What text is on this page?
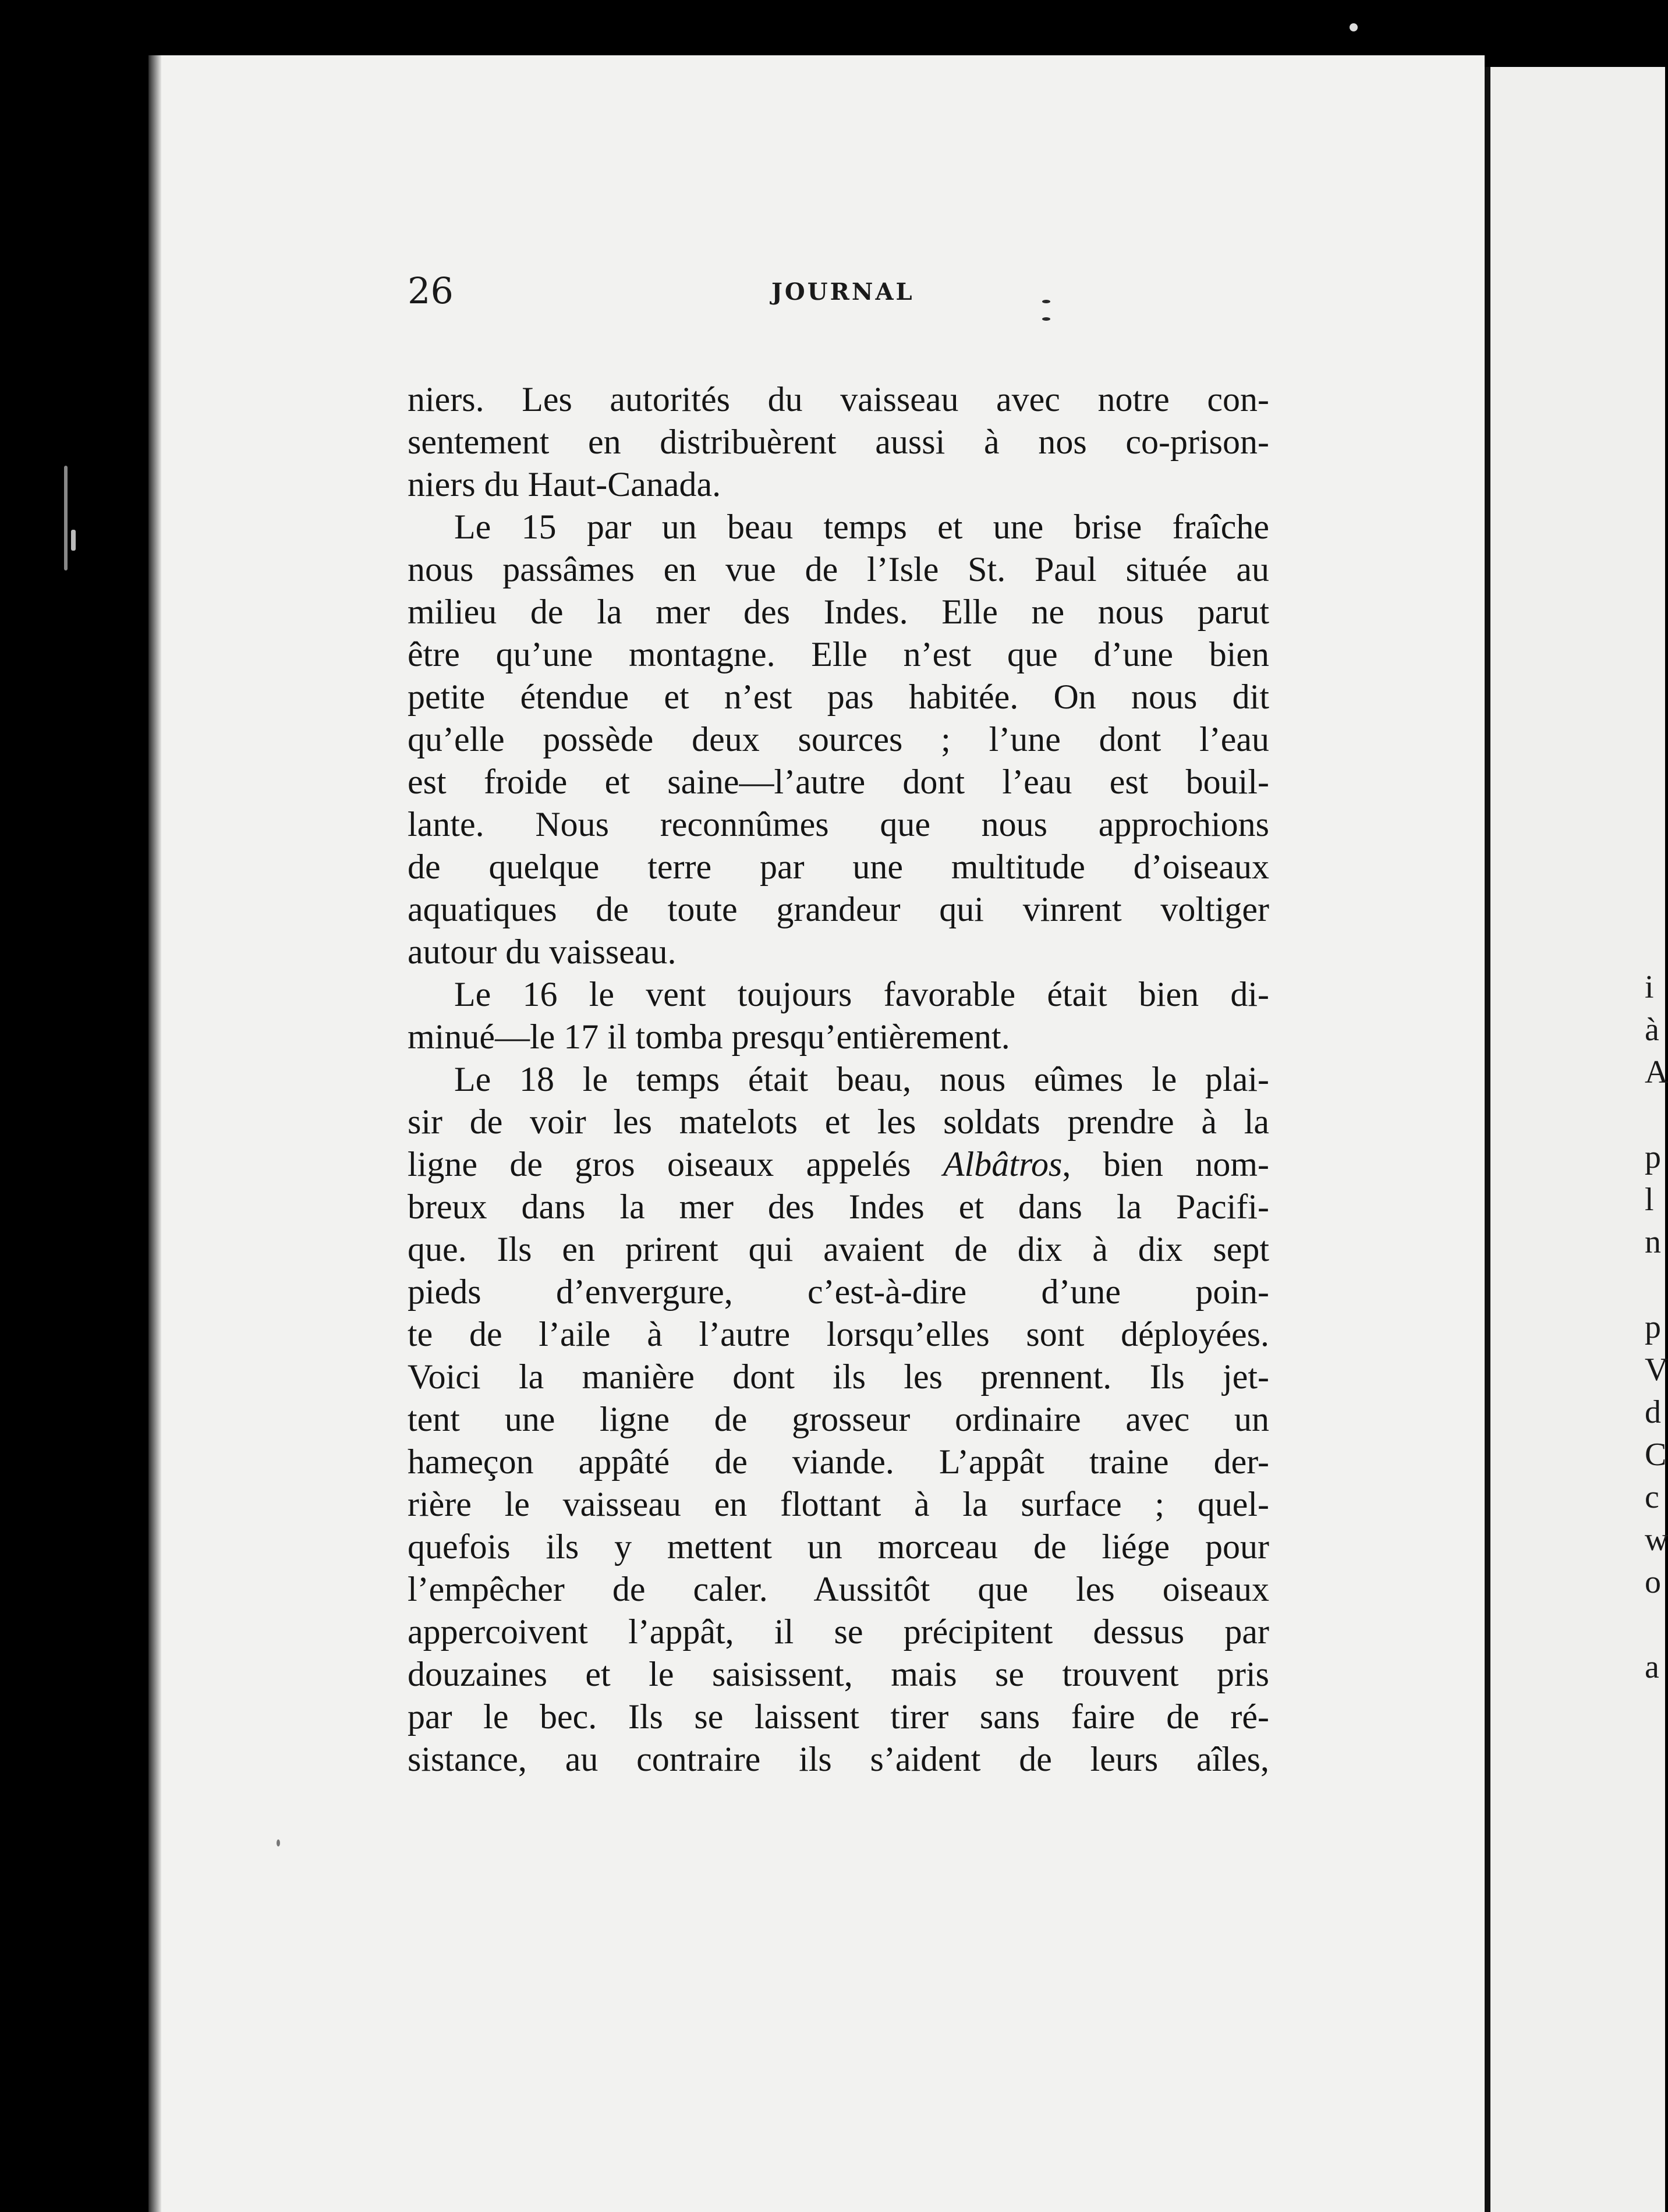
26	JOURNAL
niers. Les autorités du vaisseau avec notre con-
sentement en distribuèrent aussi à nos co-prison-
niers du Haut-Canada.
Le 15 par un beau temps et une brise fraîche
nous passâmes en vue de l’Isle St. Paul située au
milieu de la mer des Indes. Elle ne nous parut
être qu’une montagne. Elle n’est que d’une bien
petite étendue et n’est pas habitée. On nous dit
qu’elle possède deux sources ; l’une dont l’eau
est froide et saine—l’autre dont l’eau est bouil-
lante. Nous reconnûmes que nous approchions
de quelque terre par une multitude d’oiseaux
aquatiques de toute grandeur qui vinrent voltiger
autour du vaisseau.
Le 16 le vent toujours favorable était bien di-
minué—le 17 il tomba presqu’entièrement.
Le 18 le temps était beau, nous eûmes le plai-
sir de voir les matelots et les soldats prendre à la
ligne de gros oiseaux appelés Albâtros, bien nom-
breux dans la mer des Indes et dans la Pacifi-
que. Ils en prirent qui avaient de dix à dix sept
pieds d’envergure, c’est-à-dire d’une poin-
te de l’aile à l’autre lorsqu’elles sont déployées.
Voici la manière dont ils les prennent. Ils jet-
tent une ligne de grosseur ordinaire avec un
hameçon appâté de viande. L’appât traine der-
rière le vaisseau en flottant à la surface ; quel-
quefois ils y mettent un morceau de liége pour
l’empêcher de caler. Aussitôt que les oiseaux
appercoivent l’appât, il se précipitent dessus par
douzaines et le saisissent, mais se trouvent pris
par le bec. Ils se laissent tirer sans faire de ré-
sistance, au contraire ils s’aident de leurs aîles,
i
à
A
p
l
n
p
V
d
C
c
w
o
a
